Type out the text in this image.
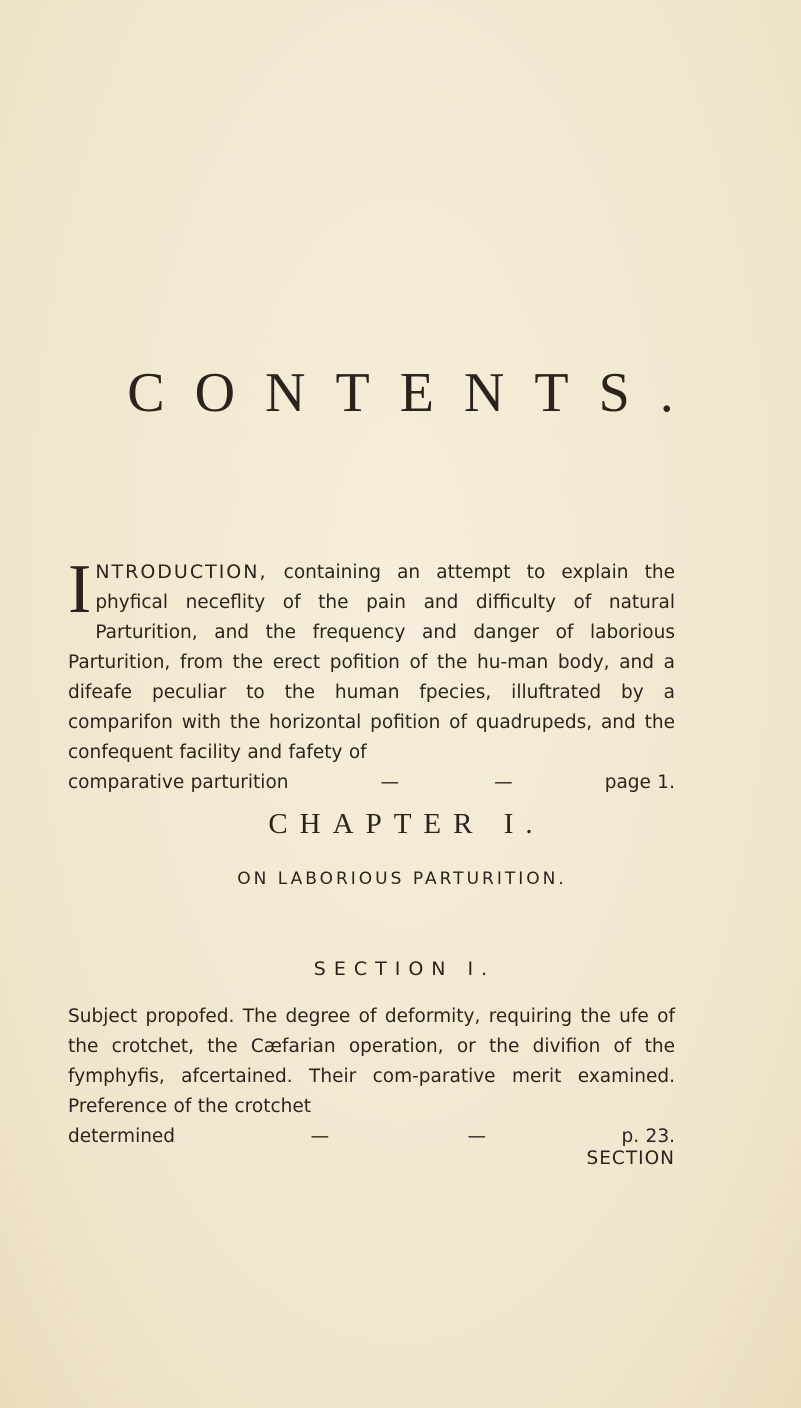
CONTENTS.
INTRODUCTION, containing an attempt to explain the phyfical neceflity of the pain and difficulty of natural Parturition, and the frequency and danger of laborious Parturition, from the erect pofition of the hu-man body, and a difeafe peculiar to the human fpecies, illuftrated by a comparifon with the horizontal pofition of quadrupeds, and the confequent facility and fafety of
comparative parturition	—	—	page 1.
CHAPTER I.
ON LABORIOUS PARTURITION.
SECTION I.
Subject propofed. The degree of deformity, requiring the ufe of the crotchet, the Cæfarian operation, or the divifion of the fymphyfis, afcertained. Their com-parative merit examined. Preference of the crotchet
determined	—	—	p. 23.
SECTION
